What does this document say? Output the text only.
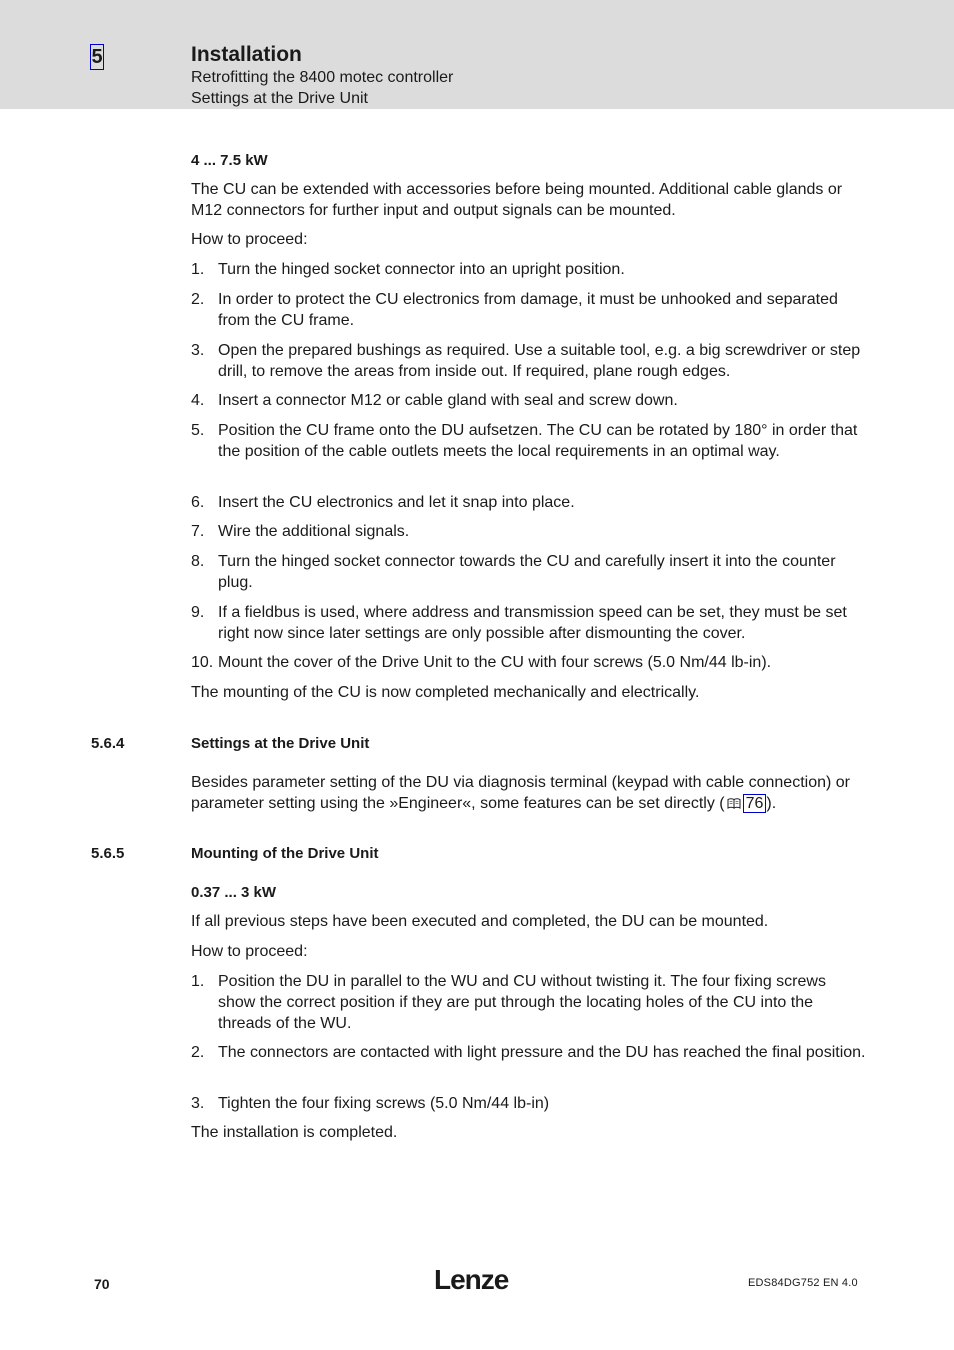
5	Installation
Retrofitting the 8400 motec controller
Settings at the Drive Unit
4 ... 7.5 kW
The CU can be extended with accessories before being mounted. Additional cable glands or M12 connectors for further input and output signals can be mounted.
How to proceed:
1. Turn the hinged socket connector into an upright position.
2. In order to protect the CU electronics from damage, it must be unhooked and separated from the CU frame.
3. Open the prepared bushings as required. Use a suitable tool, e.g. a big screwdriver or step drill, to remove the areas from inside out. If required, plane rough edges.
4. Insert a connector M12 or cable gland with seal and screw down.
5. Position the CU frame onto the DU aufsetzen. The CU can be rotated by 180° in order that the position of the cable outlets meets the local requirements in an optimal way.
6. Insert the CU electronics and let it snap into place.
7. Wire the additional signals.
8. Turn the hinged socket connector towards the CU and carefully insert it into the counter plug.
9. If a fieldbus is used, where address and transmission speed can be set, they must be set right now since later settings are only possible after dismounting the cover.
10. Mount the cover of the Drive Unit to the CU with four screws (5.0 Nm/44 lb-in).
The mounting of the CU is now completed mechanically and electrically.
5.6.4	Settings at the Drive Unit
Besides parameter setting of the DU via diagnosis terminal (keypad with cable connection) or parameter setting using the »Engineer«, some features can be set directly ( 76 ).
5.6.5	Mounting of the Drive Unit
0.37 ... 3 kW
If all previous steps have been executed and completed, the DU can be mounted.
How to proceed:
1. Position the DU in parallel to the WU and CU without twisting it. The four fixing screws show the correct position if they are put through the locating holes of the CU into the threads of the WU.
2. The connectors are contacted with light pressure and the DU has reached the final position.
3. Tighten the four fixing screws (5.0 Nm/44 lb-in)
The installation is completed.
70	Lenze	EDS84DG752 EN 4.0
